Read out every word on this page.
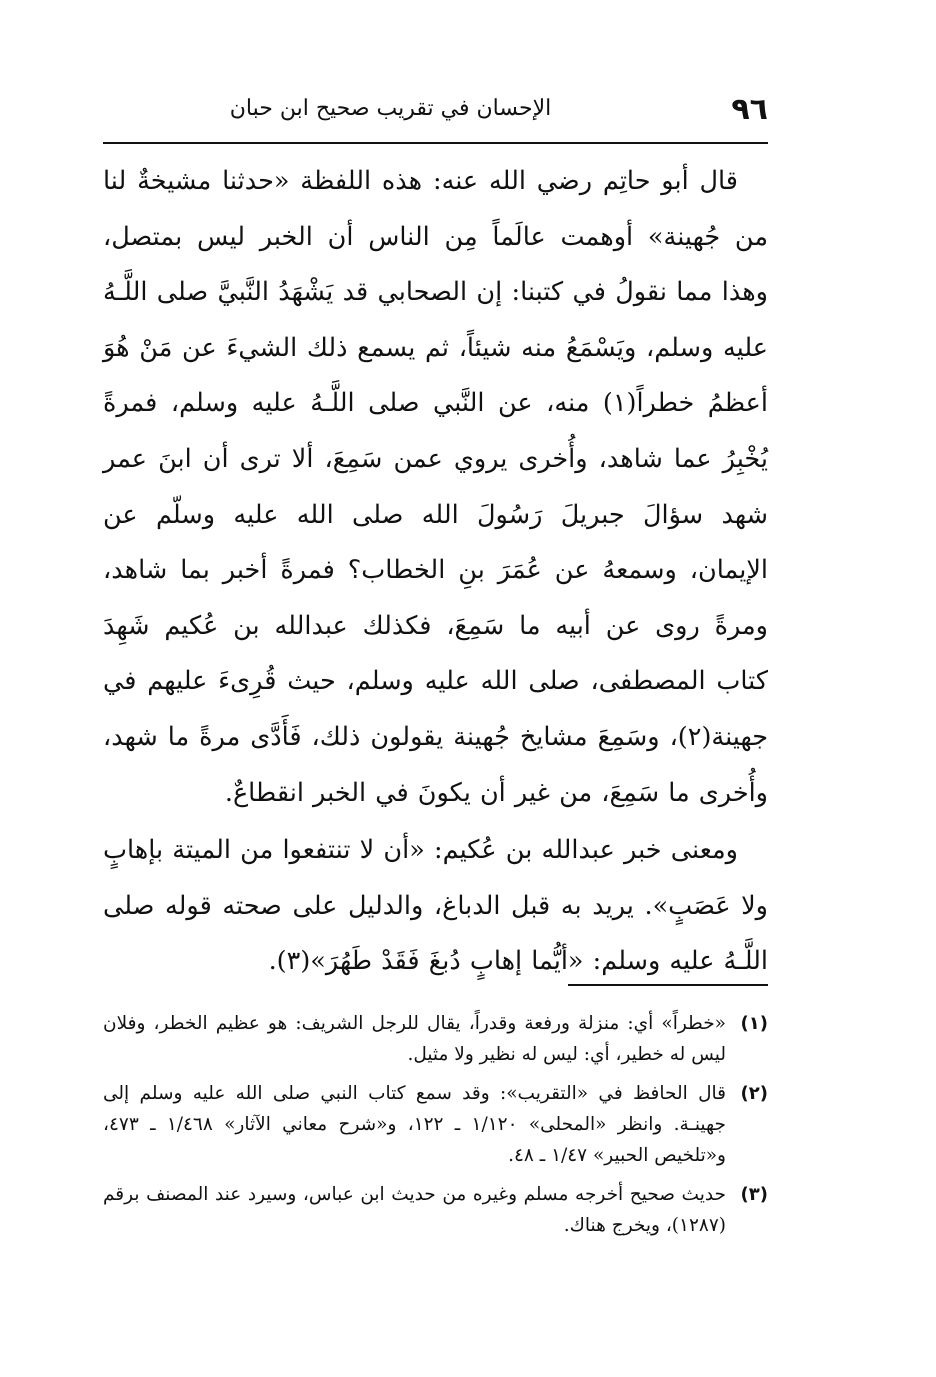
٩٦
الإحسان في تقريب صحيح ابن حبان

قال أبو حاتِم رضي الله عنه: هذه اللفظة «حدثنا مشيخةٌ لنا من جُهينة» أوهمت عالَماً مِن الناس أن الخبر ليس بمتصل، وهذا مما نقولُ في كتبنا: إن الصحابي قد يَشْهَدُ النَّبيَّ صلى اللَّـهُ عليه وسلم، ويَسْمَعُ منه شيئاً، ثم يسمع ذلك الشيءَ عن مَنْ هُوَ أعظمُ خطراً(١) منه، عن النَّبي صلى اللَّـهُ عليه وسلم، فمرةً يُخْبِرُ عما شاهد، وأُخرى يروي عمن سَمِعَ، ألا ترى أن ابنَ عمر شهد سؤالَ جبريلَ رَسُولَ الله صلى الله عليه وسلّم عن الإيمان، وسمعهُ عن عُمَرَ بنِ الخطاب؟ فمرةً أخبر بما شاهد، ومرةً روى عن أبيه ما سَمِعَ، فكذلك عبدالله بن عُكيم شَهِدَ كتاب المصطفى، صلى الله عليه وسلم، حيث قُرِىءَ عليهم في جهينة(٢)، وسَمِعَ مشايخ جُهينة يقولون ذلك، فَأَدَّى مرةً ما شهد، وأُخرى ما سَمِعَ، من غير أن يكونَ في الخبر انقطاعٌ.

ومعنى خبر عبدالله بن عُكيم: «أن لا تنتفعوا من الميتة بإهابٍ ولا عَصَبٍ». يريد به قبل الدباغ، والدليل على صحته قوله صلى اللَّـهُ عليه وسلم: «أيُّما إهابٍ دُبغَ فَقَدْ طَهُرَ»(٣).

(١)
«خطراً» أي: منزلة ورفعة وقدراً، يقال للرجل الشريف: هو عظيم الخطر، وفلان ليس له خطير، أي: ليس له نظير ولا مثيل.
(٢)
قال الحافظ في «التقريب»: وقد سمع كتاب النبي صلى الله عليه وسلم إلى جهينـة. وانظر «المحلى» ١/١٢٠ ـ ١٢٢، و«شرح معاني الآثار» ١/٤٦٨ ـ ٤٧٣، و«تلخيص الحبير» ١/٤٧ ـ ٤٨.
(٣)
حديث صحيح أخرجه مسلم وغيره من حديث ابن عباس، وسيرد عند المصنف برقم (١٢٨٧)، ويخرج هناك.
